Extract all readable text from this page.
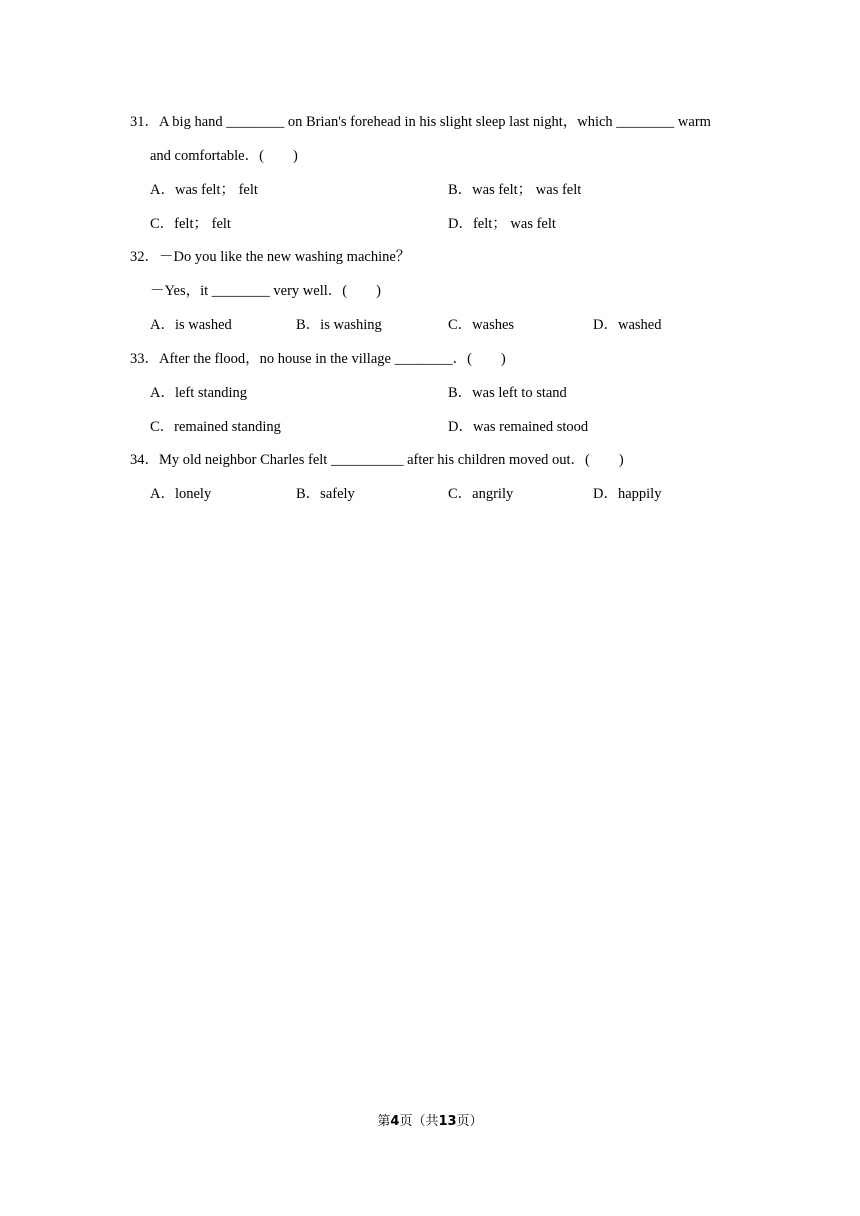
31．A big hand ________ on Brian's forehead in his slight sleep last night，which ________ warm
and comfortable．(　　)
A．was felt； felt	B．was felt； was felt
C．felt； felt	D．felt； was felt
32．－Do you like the new washing machine？
－Yes，it ________ very well．(　　)
A．is washed	B．is washing	C．washes	D．washed
33．After the flood，no house in the village ________．(　　)
A．left standing	B．was left to stand
C．remained standing	D．was remained stood
34．My old neighbor Charles felt __________ after his children moved out．(　　)
A．lonely	B．safely	C．angrily	D．happily
第4页（共13页）
